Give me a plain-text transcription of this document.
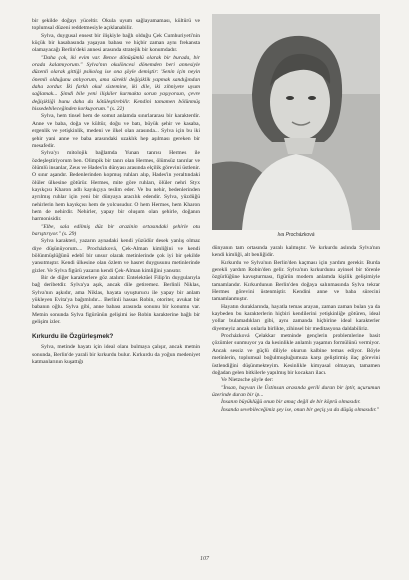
bir şekilde doğayı yüceltir. Okula uyum sağlayamaması, kültürü ve toplumsal düzeni reddetmesiyle açıklanabilir.

Sylva, duygusal ensest bir ilişkiyle bağlı olduğu Çek Cumhuriyeti'nin küçük bir kasabasında yaşayan babası ve hiçbir zaman aynı frekansta olamayacağı Berlin'deki annesi arasında stratejik bir konumdadır.

"Daha çok, iki evim var. Bence dönüşümlü olarak bir burada, bir orada kalamıyorum." Sylva'nın okulöncesi dönemden beri annesiyle düzenli olarak gittiği psikolog ise ona şöyle demiştir: 'Senin için neyin önemli olduğunu anlıyorum, ama sürekli değişiklik yapmak sandığından daha zordur. İki farklı okul sistemine, iki dile, iki zihniyete uyum sağlamak... Şimdi bile yeni ilişkiler kurmakta sorun yaşıyorsun, çevre değişikliği bunu daha da kötüleştirebilir. Kendini tamamen bölünmüş hissedebileceğinden korkuyorum." (s. 22)

Sylva, hem tinsel hem de somut anlamda sınırlararası bir karakterdir. Anne ve baba, doğa ve kültür, doğu ve batı, büyük şehir ve kasaba, ergenlik ve yetişkinlik, medeni ve ilkel olan arasında... Sylva için bu iki şehir yani anne ve baba arasındaki uzaklık hep aşılması gereken bir mesafedir.

Sylva'yı mitolojik bağlamda Yunan tanrısı Hermes ile özdeşleştiriyorum ben. Olimpik bir tanrı olan Hermes, ölümsüz tanrılar ve ölümlü insanlar, Zeus ve Hades'in dünyası arasında elçilik görevini üstlenir. O sınır aşandır. Bedenlerinden kopmuş ruhları alıp, Hades'in yeraltındaki ölüler ülkesine götürür. Hermes, mite göre ruhları, ölüler nehri Styx kayıkçısı Kharon adlı kayıkçıya teslim eder. Ve bu nehir, bedenlerinden ayrılmış ruhlar için yeni bir dünyaya aracılık edendir. Sylva, yüzdüğü nehirlerin hem kayıkçısı hem de yolcusudur. O hem Hermes, hem Kharon hem de nehirdir. Nehirler, yapay bir oluşum olan şehirle, doğanın harmonisidir.

"Elbe, sala edilmiş düz bir arazinin ortasındaki şehirle otu barıştırıyor." (s. 29)

Sylva karakteri, yazarın aynadaki kendi yüzüdür desek yanlış olmaz diye düşünüyorum.... Procházková, Çek-Alman kimliğini ve kendi bölünmüşlüğünü edebî bir unsur olarak metinlerinde çok iyi bir şekilde yansıtmıştır. Kendi ülkesine olan özlem ve hasret duygusunu metinlerinde gizler. Ve Sylva figürü yazarın kendi Çek-Alman kimliğini yansıtır.

Bir de diğer karakterlere göz atalım: Entelektüel Filip'in duygularıyla bağ deribetdir. Sylva'ya aşık, ancak dile getiremez. Berlinli Niklas, Sylva'nın aşkıdır, ama Niklas, hayata uyuşturucu ile yapay bir anlam yükleyen Evita'ya bağımlıdır... Berlinli hassas Robin, otoriter, avukat bir babanın oğlu. Sylva gibi, anne babası arasında sonunu bir konumu var. Metnin sonunda Sylva figürünün gelişimi ise Robin karakterine bağlı bir gelişim izler.

Kırkurdu ile Özgürleşmek?

Sylva, metinde hayatı için ideal olanı bulmaya çalışır, ancak metnin sonunda, Berlin'de yarali bir kırkurdu bulur. Kırkurdu da yoğun medeniyet katmanlarının kuşattığı

Iva Procházková

dünyanın tam ortasında yaralı kalmıştır. Ve kırkurdu aslında Sylva'nın kendi kimliği, alt benliğidir.

Kırkurdu ve Sylva'nın Berlin'den kaçması için yardım gerekir. Burda gerekli yardım Robin'den gelir. Sylva'nın kırkurdunu ayinsel bir törenle özgürlüğüne kavuşturması, figürün modern anlamda kişilik gelişimiyle tamamlandır. Kırkurdunun Berlin'den doğaya salınmasında Sylva tekrar Hermes görevini üstenmiştir. Kendini anne ve baba sürecini tamamlanmıştır.

Hayatın duraklarında, hayatla temas arayan, zaman zaman bulan ya da kaybeden bu karakterlerin hiçbiri kendilerini yetişkinliğe götüren, ideal yollar bulamadıkları gibi, aynı zamanda hiçbirine ideal karakterler diyemeyiz ancak onlarla birlikte, zihinsel bir meditasyona daldabiliriz.

Procházková Çelakkar metninde gençlerin problemlerine basit çözümler sunmuyor ya da kesinlikle anlamlı yaşamın formülünü vermiyor. Ancak sessiz ve güçlü diliyle okurun kalbine temas ediyor. Böyle metinlerin, toplumsal boğulmuşluğumuza karşı geliştirmiş ilaç görevini üstlendiğini düşünmekteyim. Kesinlikle kimyasal olmayan, tamamen doğadan gelen bitkilerle yapılmış bir kocakarı ilacı.

Ve Nietzsche şöyle der:

"İnsan, hayvan ile Üstinsan arasında gerili duran bir iptir, uçurumun üzerinde duran bir ip...

İnsanın büyüklüğü onun bir amaç değil de bir köprü olmasıdır.

İnsanda sevebileceğimiz şey ise, onun bir geçiş ya da düşüş olmasıdır."

107
